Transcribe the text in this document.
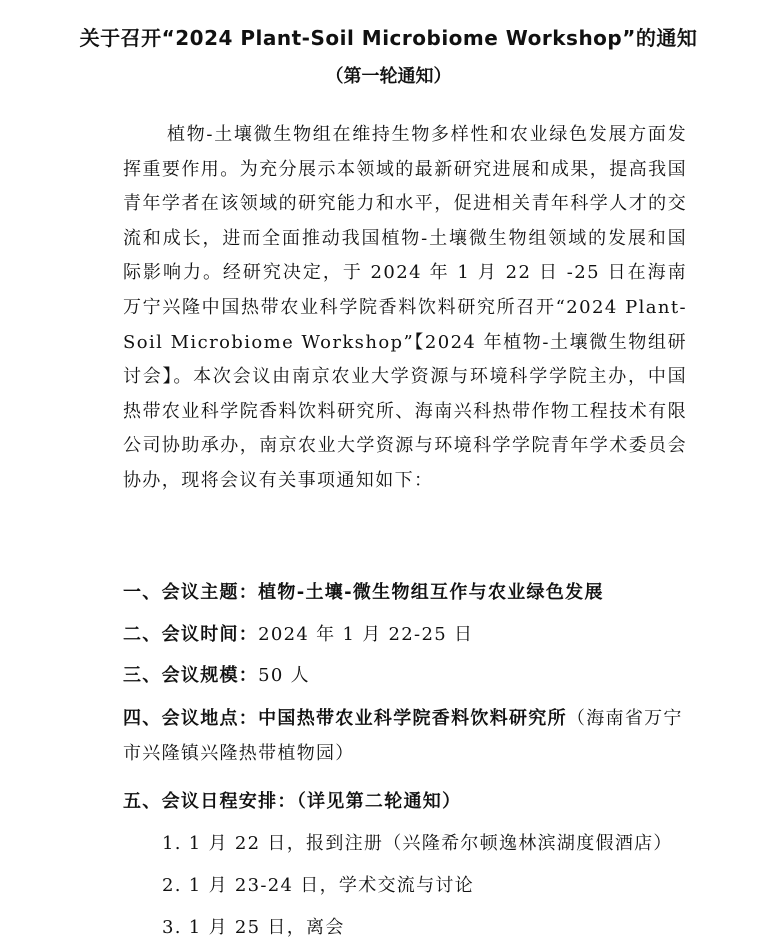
关于召开“2024 Plant-Soil Microbiome Workshop”的通知
（第一轮通知）
植物-土壤微生物组在维持生物多样性和农业绿色发展方面发挥重要作用。为充分展示本领域的最新研究进展和成果，提高我国青年学者在该领域的研究能力和水平，促进相关青年科学人才的交流和成长，进而全面推动我国植物-土壤微生物组领域的发展和国际影响力。经研究决定，于 2024 年 1 月 22 日 -25 日在海南万宁兴隆中国热带农业科学院香料饮料研究所召开“2024 Plant-Soil Microbiome Workshop”【2024 年植物-土壤微生物组研讨会】。本次会议由南京农业大学资源与环境科学学院主办，中国热带农业科学院香料饮料研究所、海南兴科热带作物工程技术有限公司协助承办，南京农业大学资源与环境科学学院青年学术委员会协办，现将会议有关事项通知如下：
一、会议主题：植物-土壤-微生物组互作与农业绿色发展
二、会议时间：2024 年 1 月 22-25 日
三、会议规模：50 人
四、会议地点：中国热带农业科学院香料饮料研究所（海南省万宁市兴隆镇兴隆热带植物园）
五、会议日程安排：（详见第二轮通知）
1. 1 月 22 日，报到注册（兴隆希尔顿逸林滨湖度假酒店）
2. 1 月 23-24 日，学术交流与讨论
3. 1 月 25 日，离会
